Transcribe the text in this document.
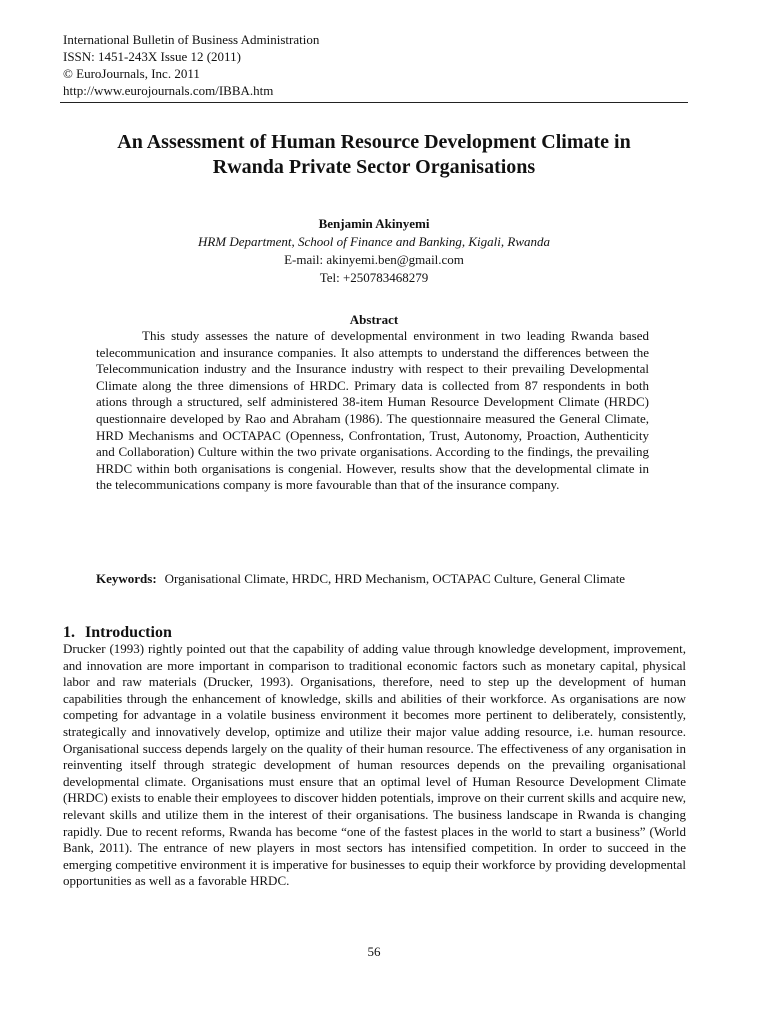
International Bulletin of Business Administration
ISSN: 1451-243X Issue 12 (2011)
© EuroJournals, Inc. 2011
http://www.eurojournals.com/IBBA.htm
An Assessment of Human Resource Development Climate in
Rwanda Private Sector Organisations
Benjamin Akinyemi
HRM Department, School of Finance and Banking, Kigali, Rwanda
E-mail: akinyemi.ben@gmail.com
Tel: +250783468279
Abstract

This study assesses the nature of developmental environment in two leading Rwanda based telecommunication and insurance companies. It also attempts to understand the differences between the Telecommunication industry and the Insurance industry with respect to their prevailing Developmental Climate along the three dimensions of HRDC. Primary data is collected from 87 respondents in both ations through a structured, self administered 38-item Human Resource Development Climate (HRDC) questionnaire developed by Rao and Abraham (1986). The questionnaire measured the General Climate, HRD Mechanisms and OCTAPAC (Openness, Confrontation, Trust, Autonomy, Proaction, Authenticity and Collaboration) Culture within the two private organisations. According to the findings, the prevailing HRDC within both organisations is congenial. However, results show that the developmental climate in the telecommunications company is more favourable than that of the insurance company.

Keywords: Organisational Climate, HRDC, HRD Mechanism, OCTAPAC Culture, General Climate
1. Introduction

Drucker (1993) rightly pointed out that the capability of adding value through knowledge development, improvement, and innovation are more important in comparison to traditional economic factors such as monetary capital, physical labor and raw materials (Drucker, 1993). Organisations, therefore, need to step up the development of human capabilities through the enhancement of knowledge, skills and abilities of their workforce. As organisations are now competing for advantage in a volatile business environment it becomes more pertinent to deliberately, consistently, strategically and innovatively develop, optimize and utilize their major value adding resource, i.e. human resource. Organisational success depends largely on the quality of their human resource. The effectiveness of any organisation in reinventing itself through strategic development of human resources depends on the prevailing organisational developmental climate. Organisations must ensure that an optimal level of Human Resource Development Climate (HRDC) exists to enable their employees to discover hidden potentials, improve on their current skills and acquire new, relevant skills and utilize them in the interest of their organisations. The business landscape in Rwanda is changing rapidly. Due to recent reforms, Rwanda has become “one of the fastest places in the world to start a business” (World Bank, 2011). The entrance of new players in most sectors has intensified competition. In order to succeed in the emerging competitive environment it is imperative for businesses to equip their workforce by providing developmental opportunities as well as a favorable HRDC.

56
